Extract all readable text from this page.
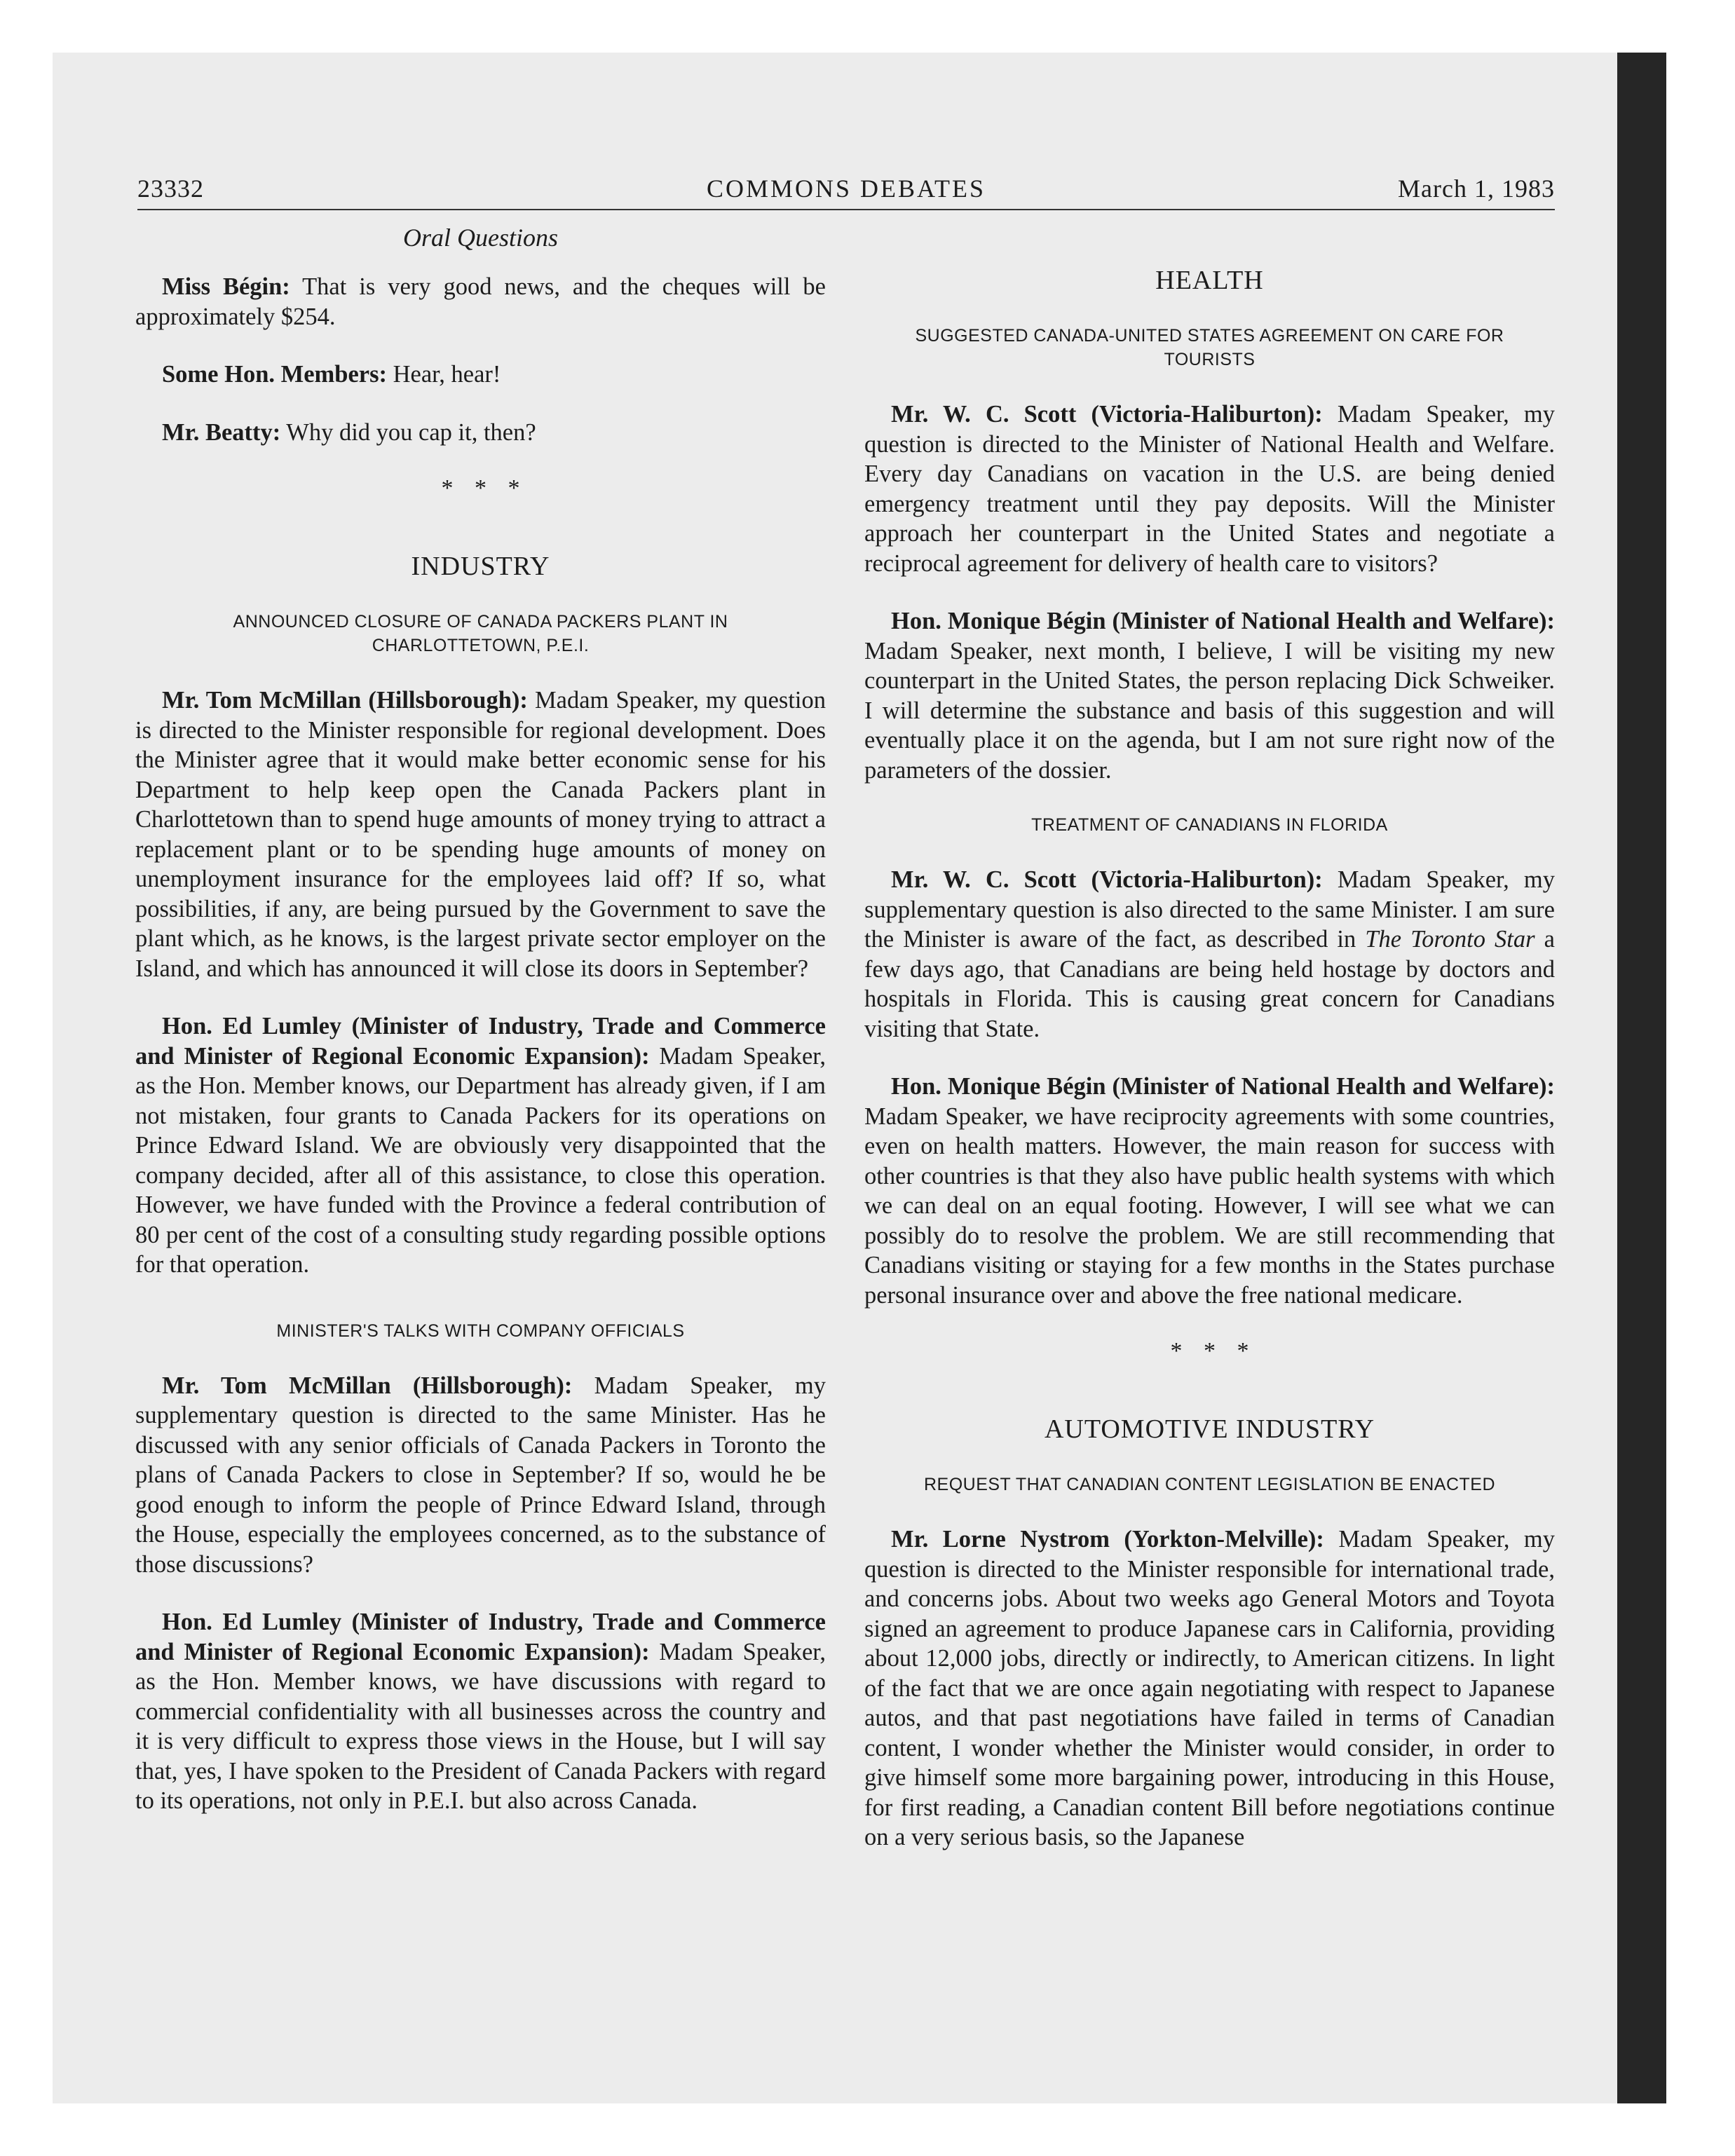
23332	COMMONS DEBATES	March 1, 1983
Oral Questions

Miss Bégin: That is very good news, and the cheques will be approximately $254.

Some Hon. Members: Hear, hear!

Mr. Beatty: Why did you cap it, then?

* * *
INDUSTRY
ANNOUNCED CLOSURE OF CANADA PACKERS PLANT IN CHARLOTTETOWN, P.E.I.

Mr. Tom McMillan (Hillsborough): Madam Speaker, my question is directed to the Minister responsible for regional development. Does the Minister agree that it would make better economic sense for his Department to help keep open the Canada Packers plant in Charlottetown than to spend huge amounts of money trying to attract a replacement plant or to be spending huge amounts of money on unemployment insurance for the employees laid off? If so, what possibilities, if any, are being pursued by the Government to save the plant which, as he knows, is the largest private sector employer on the Island, and which has announced it will close its doors in September?

Hon. Ed Lumley (Minister of Industry, Trade and Commerce and Minister of Regional Economic Expansion): Madam Speaker, as the Hon. Member knows, our Department has already given, if I am not mistaken, four grants to Canada Packers for its operations on Prince Edward Island. We are obviously very disappointed that the company decided, after all of this assistance, to close this operation. However, we have funded with the Province a federal contribution of 80 per cent of the cost of a consulting study regarding possible options for that operation.

MINISTER'S TALKS WITH COMPANY OFFICIALS

Mr. Tom McMillan (Hillsborough): Madam Speaker, my supplementary question is directed to the same Minister. Has he discussed with any senior officials of Canada Packers in Toronto the plans of Canada Packers to close in September? If so, would he be good enough to inform the people of Prince Edward Island, through the House, especially the employees concerned, as to the substance of those discussions?

Hon. Ed Lumley (Minister of Industry, Trade and Commerce and Minister of Regional Economic Expansion): Madam Speaker, as the Hon. Member knows, we have discussions with regard to commercial confidentiality with all businesses across the country and it is very difficult to express those views in the House, but I will say that, yes, I have spoken to the President of Canada Packers with regard to its operations, not only in P.E.I. but also across Canada.

HEALTH
SUGGESTED CANADA-UNITED STATES AGREEMENT ON CARE FOR TOURISTS

Mr. W. C. Scott (Victoria-Haliburton): Madam Speaker, my question is directed to the Minister of National Health and Welfare. Every day Canadians on vacation in the U.S. are being denied emergency treatment until they pay deposits. Will the Minister approach her counterpart in the United States and negotiate a reciprocal agreement for delivery of health care to visitors?

Hon. Monique Bégin (Minister of National Health and Welfare): Madam Speaker, next month, I believe, I will be visiting my new counterpart in the United States, the person replacing Dick Schweiker. I will determine the substance and basis of this suggestion and will eventually place it on the agenda, but I am not sure right now of the parameters of the dossier.

TREATMENT OF CANADIANS IN FLORIDA

Mr. W. C. Scott (Victoria-Haliburton): Madam Speaker, my supplementary question is also directed to the same Minister. I am sure the Minister is aware of the fact, as described in The Toronto Star a few days ago, that Canadians are being held hostage by doctors and hospitals in Florida. This is causing great concern for Canadians visiting that State.

Hon. Monique Bégin (Minister of National Health and Welfare): Madam Speaker, we have reciprocity agreements with some countries, even on health matters. However, the main reason for success with other countries is that they also have public health systems with which we can deal on an equal footing. However, I will see what we can possibly do to resolve the problem. We are still recommending that Canadians visiting or staying for a few months in the States purchase personal insurance over and above the free national medicare.

* * *
AUTOMOTIVE INDUSTRY
REQUEST THAT CANADIAN CONTENT LEGISLATION BE ENACTED

Mr. Lorne Nystrom (Yorkton-Melville): Madam Speaker, my question is directed to the Minister responsible for international trade, and concerns jobs. About two weeks ago General Motors and Toyota signed an agreement to produce Japanese cars in California, providing about 12,000 jobs, directly or indirectly, to American citizens. In light of the fact that we are once again negotiating with respect to Japanese autos, and that past negotiations have failed in terms of Canadian content, I wonder whether the Minister would consider, in order to give himself some more bargaining power, introducing in this House, for first reading, a Canadian content Bill before negotiations continue on a very serious basis, so the Japanese
